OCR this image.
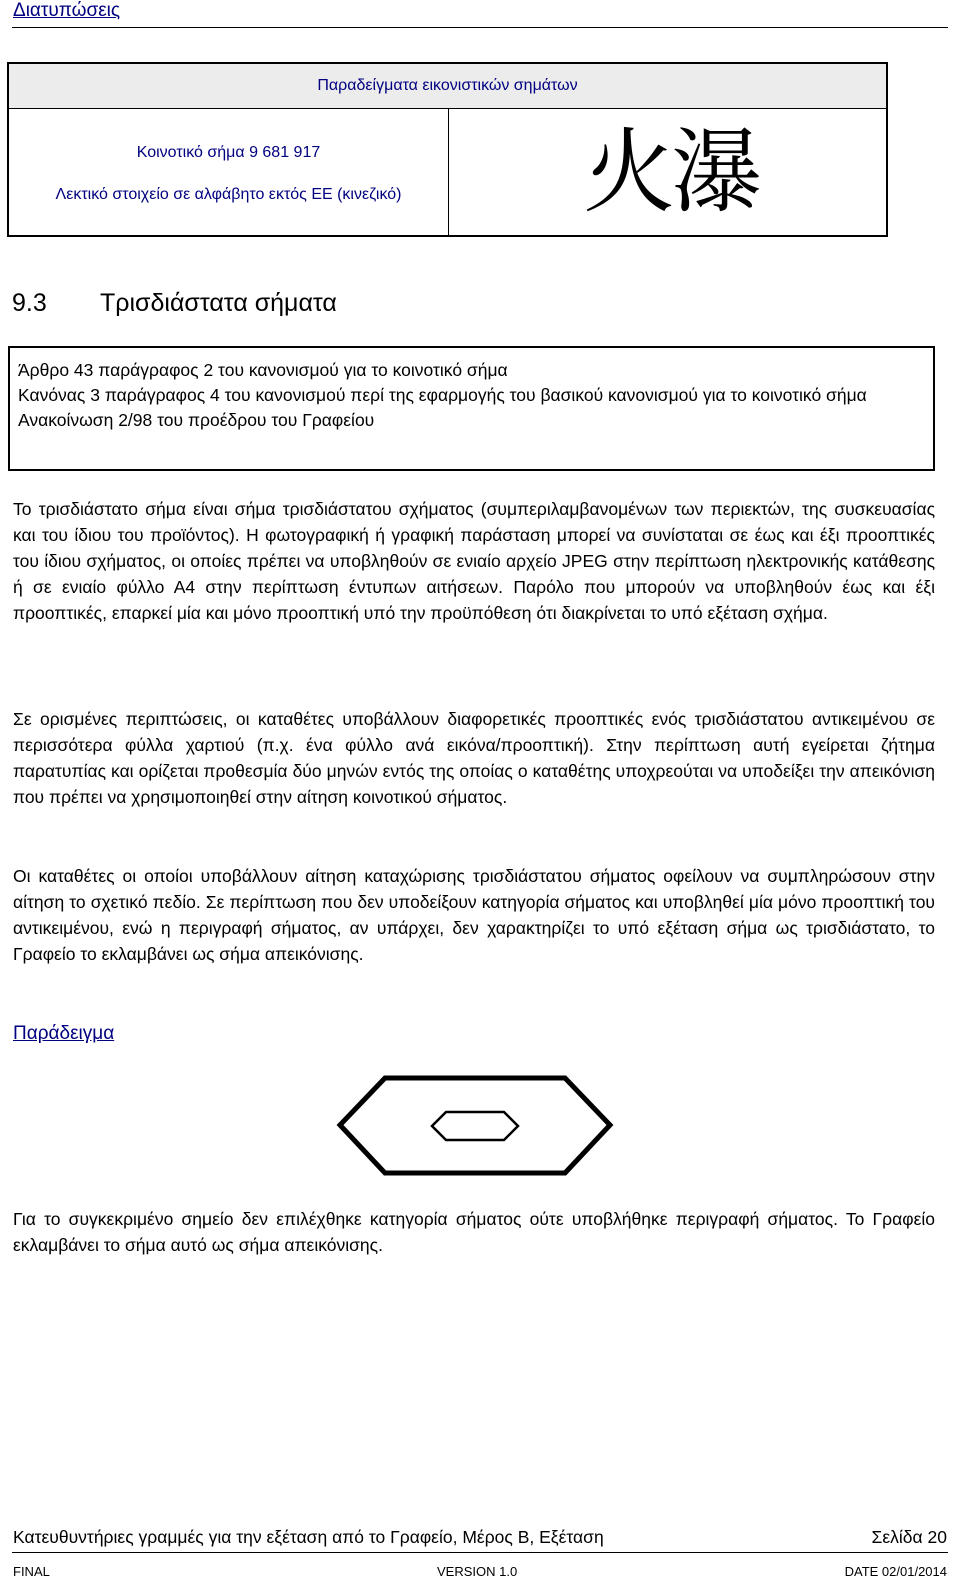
Διατυπώσεις
Παραδείγματα εικονιστικών σημάτων
Κοινοτικό σήμα 9 681 917
Λεκτικό στοιχείο σε αλφάβητο εκτός ΕΕ (κινεζικό)	火瀑
9.3 Τρισδιάστατα σήματα
Άρθρο 43 παράγραφος 2 του κανονισμού για το κοινοτικό σήμα
Κανόνας 3 παράγραφος 4 του κανονισμού περί της εφαρμογής του βασικού κανονισμού για το κοινοτικό σήμα
Ανακοίνωση 2/98 του προέδρου του Γραφείου

Το τρισδιάστατο σήμα είναι σήμα τρισδιάστατου σχήματος (συμπεριλαμβανομένων των περιεκτών, της συσκευασίας και του ίδιου του προϊόντος). Η φωτογραφική ή γραφική παράσταση μπορεί να συνίσταται σε έως και έξι προοπτικές του ίδιου σχήματος, οι οποίες πρέπει να υποβληθούν σε ενιαίο αρχείο JPEG στην περίπτωση ηλεκτρονικής κατάθεσης ή σε ενιαίο φύλλο Α4 στην περίπτωση έντυπων αιτήσεων. Παρόλο που μπορούν να υποβληθούν έως και έξι προοπτικές, επαρκεί μία και μόνο προοπτική υπό την προϋπόθεση ότι διακρίνεται το υπό εξέταση σχήμα.

Σε ορισμένες περιπτώσεις, οι καταθέτες υποβάλλουν διαφορετικές προοπτικές ενός τρισδιάστατου αντικειμένου σε περισσότερα φύλλα χαρτιού (π.χ. ένα φύλλο ανά εικόνα/προοπτική). Στην περίπτωση αυτή εγείρεται ζήτημα παρατυπίας και ορίζεται προθεσμία δύο μηνών εντός της οποίας ο καταθέτης υποχρεούται να υποδείξει την απεικόνιση που πρέπει να χρησιμοποιηθεί στην αίτηση κοινοτικού σήματος.

Οι καταθέτες οι οποίοι υποβάλλουν αίτηση καταχώρισης τρισδιάστατου σήματος οφείλουν να συμπληρώσουν στην αίτηση το σχετικό πεδίο. Σε περίπτωση που δεν υποδείξουν κατηγορία σήματος και υποβληθεί μία μόνο προοπτική του αντικειμένου, ενώ η περιγραφή σήματος, αν υπάρχει, δεν χαρακτηρίζει το υπό εξέταση σήμα ως τρισδιάστατο, το Γραφείο το εκλαμβάνει ως σήμα απεικόνισης.

Παράδειγμα

Για το συγκεκριμένο σημείο δεν επιλέχθηκε κατηγορία σήματος ούτε υποβλήθηκε περιγραφή σήματος. Το Γραφείο εκλαμβάνει το σήμα αυτό ως σήμα απεικόνισης.

Κατευθυντήριες γραμμές για την εξέταση από το Γραφείο, Μέρος Β, Εξέταση	Σελίδα 20
FINAL	VERSION 1.0	DATE 02/01/2014
